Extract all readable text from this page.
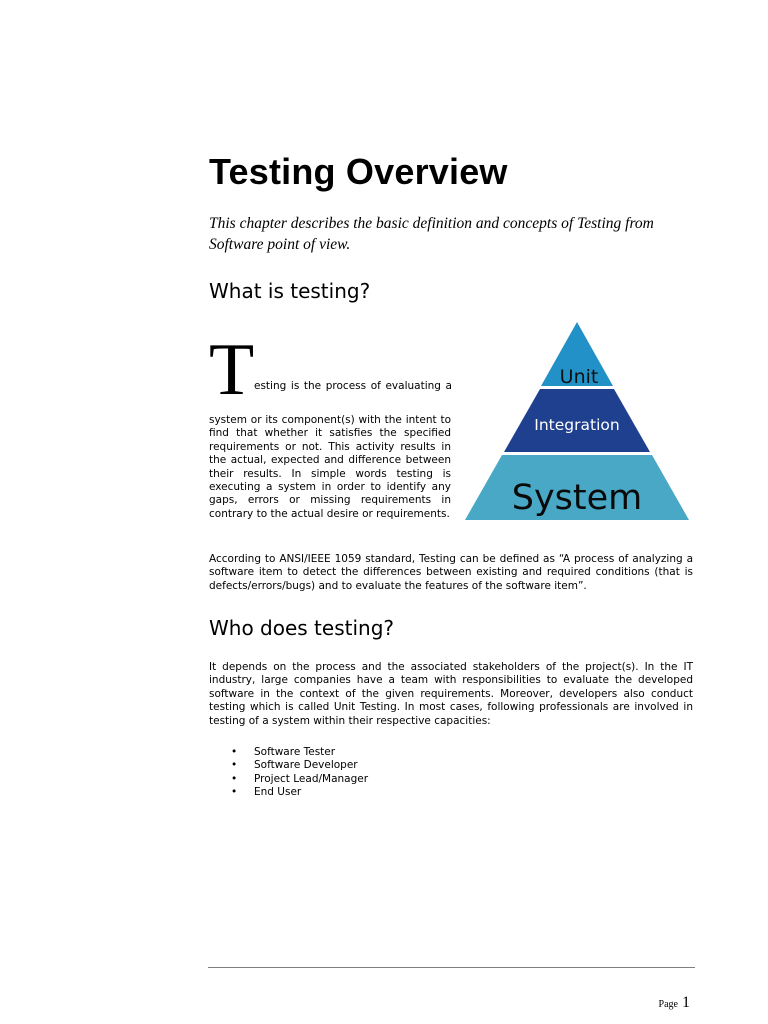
Testing Overview

This chapter describes the basic definition and concepts of Testing from Software point of view.

What is testing?
T esting is the process of evaluating a

system or its component(s) with the intent to find that whether it satisfies the specified requirements or not. This activity results in the actual, expected and difference between their results. In simple words testing is executing a system in order to identify any gaps, errors or missing requirements in contrary to the actual desire or requirements.

Unit
Integration
System

According to ANSI/IEEE 1059 standard, Testing can be defined as “A process of analyzing a software item to detect the differences between existing and required conditions (that is defects/errors/bugs) and to evaluate the features of the software item”.

Who does testing?

It depends on the process and the associated stakeholders of the project(s). In the IT industry, large companies have a team with responsibilities to evaluate the developed software in the context of the given requirements. Moreover, developers also conduct testing which is called Unit Testing. In most cases, following professionals are involved in testing of a system within their respective capacities:

• Software Tester
• Software Developer
• Project Lead/Manager
• End User
Page 1
